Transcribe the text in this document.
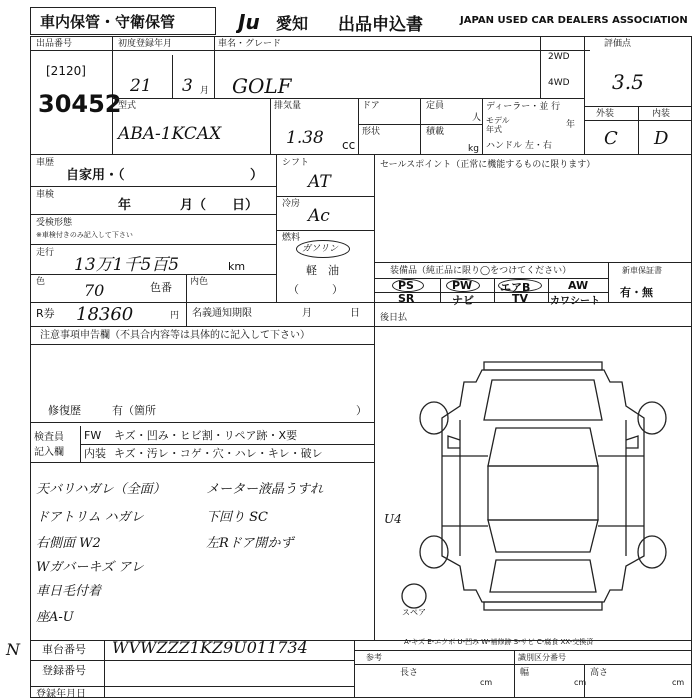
車内保管・守衛保管	Ju 愛知 出品申込書	JAPAN USED CAR DEALERS ASSOCIATION
出品番号
[2120]
30452
初度登録年月
21 3 月
車名・グレード
GOLF
2WD
4WD
評価点
3.5
型式
ABA-1KCAX
排気量
1.38 cc
ドア
形状
定員
人
積載
kg
ディーラー・並 行
モデル	年
年式
ハンドル 左・右
外装	内装
C D
車歴
自家用・（	）
車検
年	月（ 日）
受検形態
※車検付きのみ記入して下さい
走行
13万1千5百5	km
色 70	色番 内色
シフト
AT
冷房
Ac
燃料
ガソリン
軽　油
（　　　）
セールスポイント（正常に機能するものに限ります）
装備品（純正品に限り◯をつけてください）	新車保証書
有・無
PS	PW	エアB	AW
SR	ナビ	TV カワシート
R券 18360	円 名義通知期限	月	日 後日払
注意事項申告欄（不具合内容等は具体的に記入して下さい）
修復歴	有（箇所	）
検査員
記入欄
FW キズ・凹み・ヒビ割・リペア跡・X要
内装 キズ・汚レ・コゲ・穴・ハレ・キレ・破レ
天バリハガレ（全面）
ドアトリム ハガレ
右側面 W2
Wガバーキズ アレ
車日毛付着
座A-U
メーター液晶うすれ
下回り SC
左Rドア開かず
U4
スペア
A-キズ E-エクボ U-凹み W-補修跡 S-サビ C-腐食 XX-交換済
N 車台番号 WVWZZZ1KZ9U011734
登録番号
登録年月日
参考	識別区分番号
長さ
cm
幅
cm
高さ
cm
